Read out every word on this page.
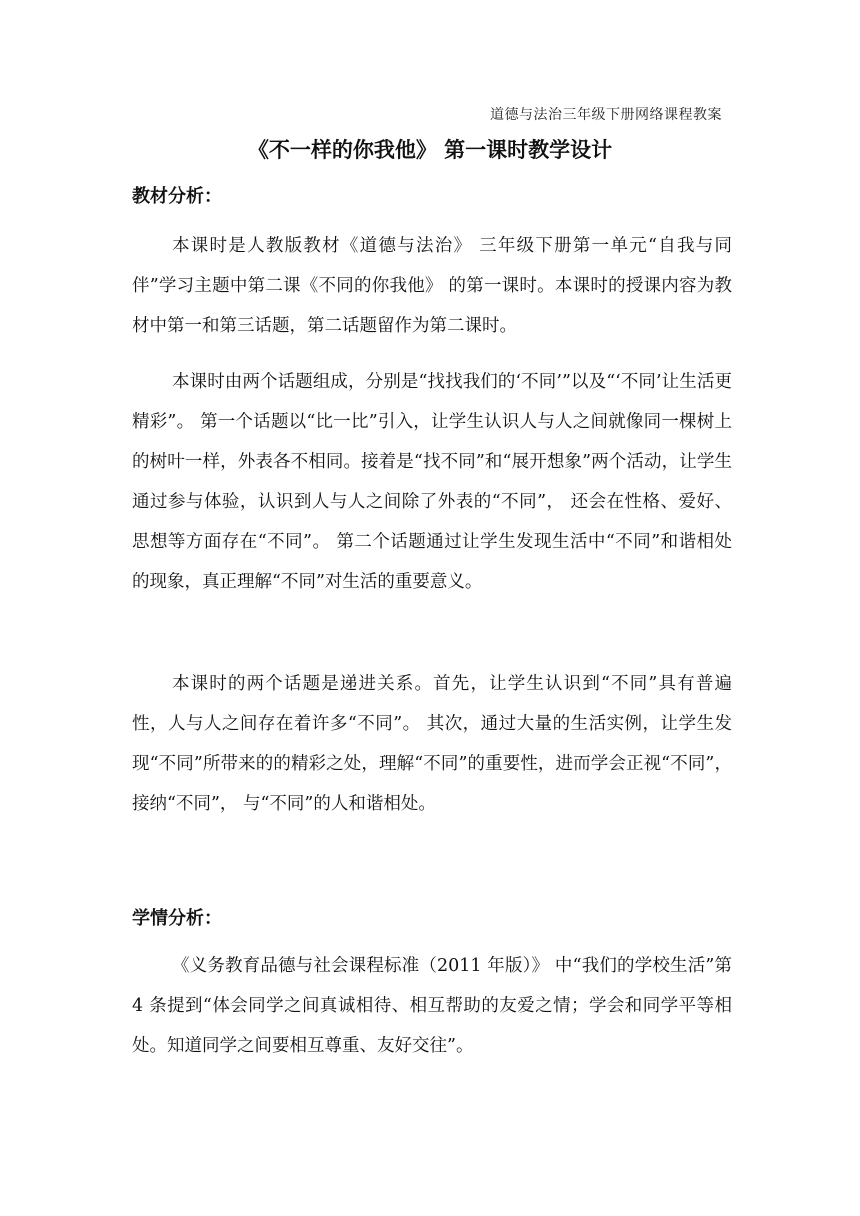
道德与法治三年级下册网络课程教案
《不一样的你我他》 第一课时教学设计
教材分析：

本课时是人教版教材《道德与法治》 三年级下册第一单元“自我与同伴”学习主题中第二课《不同的你我他》 的第一课时。本课时的授课内容为教材中第一和第三话题，第二话题留作为第二课时。

本课时由两个话题组成，分别是“找找我们的‘不同’”以及“‘不同’让生活更精彩”。 第一个话题以“比一比”引入，让学生认识人与人之间就像同一棵树上的树叶一样，外表各不相同。接着是“找不同”和“展开想象”两个活动，让学生通过参与体验，认识到人与人之间除了外表的“不同”， 还会在性格、爱好、思想等方面存在“不同”。 第二个话题通过让学生发现生活中“不同”和谐相处的现象，真正理解“不同”对生活的重要意义。

本课时的两个话题是递进关系。首先，让学生认识到“不同”具有普遍性，人与人之间存在着许多“不同”。 其次，通过大量的生活实例，让学生发现“不同”所带来的的精彩之处，理解“不同”的重要性，进而学会正视“不同”， 接纳“不同”， 与“不同”的人和谐相处。

学情分析：

《义务教育品德与社会课程标准（2011 年版）》 中“我们的学校生活”第 4 条提到“体会同学之间真诚相待、相互帮助的友爱之情；学会和同学平等相处。知道同学之间要相互尊重、友好交往”。
